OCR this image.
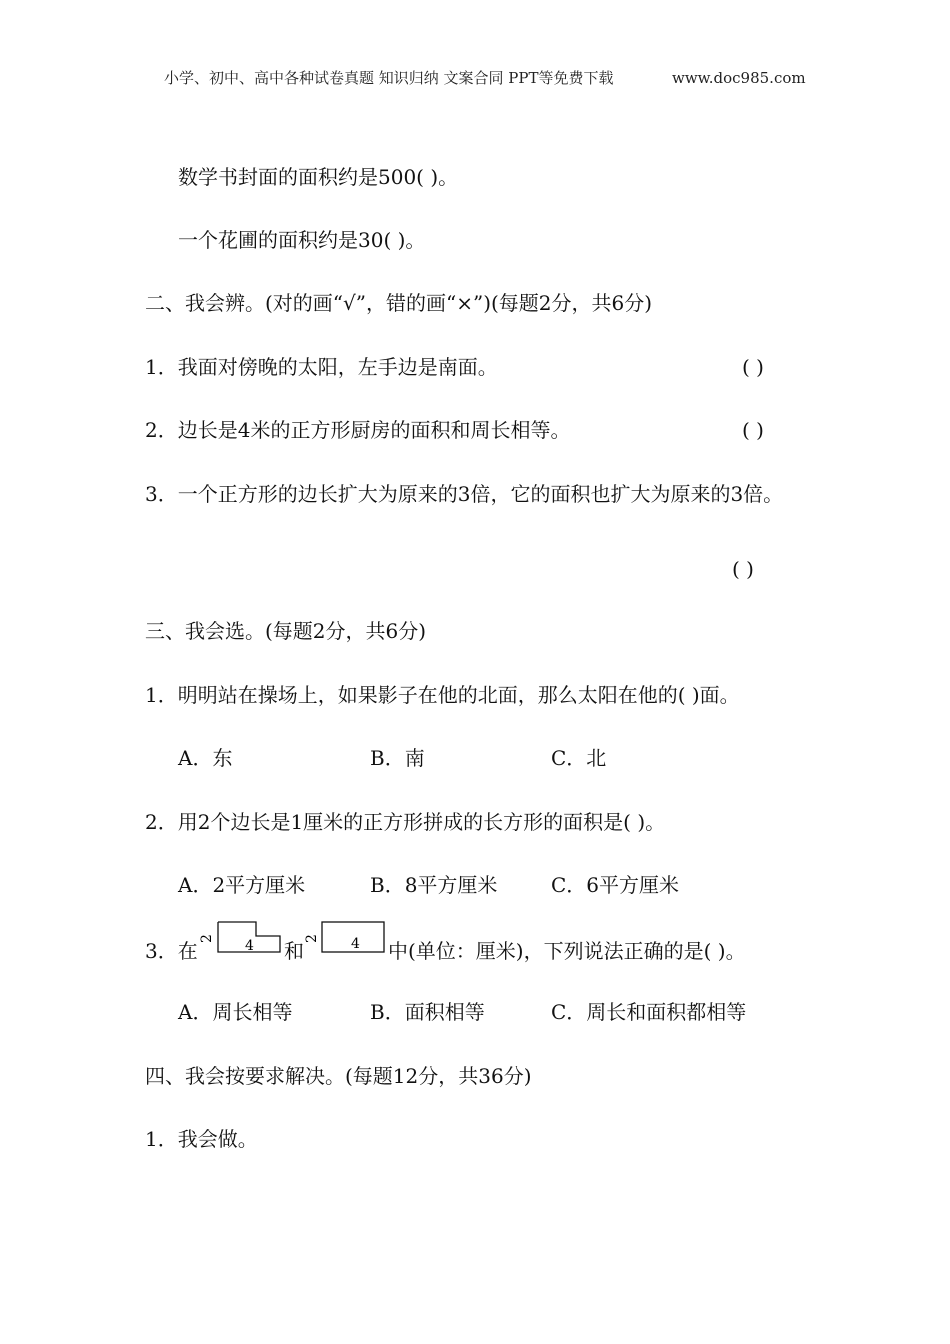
小学、初中、高中各种试卷真题 知识归纳 文案合同 PPT等免费下载	www.doc985.com
数学书封面的面积约是500( )。
一个花圃的面积约是30( )。
二、我会辨。(对的画“√”，错的画“×”)(每题2分，共6分)
1．我面对傍晚的太阳，左手边是南面。	( )
2．边长是4米的正方形厨房的面积和周长相等。	( )
3．一个正方形的边长扩大为原来的3倍，它的面积也扩大为原来的3倍。
( )
三、我会选。(每题2分，共6分)
1．明明站在操场上，如果影子在他的北面，那么太阳在他的( )面。
A．东	B．南	C．北
2．用2个边长是1厘米的正方形拼成的长方形的面积是( )。
A．2平方厘米	B．8平方厘米	C．6平方厘米
3．在
2 4 和
2 4 中(单位：厘米)，下列说法正确的是( )。
A．周长相等	B．面积相等	C．周长和面积都相等
四、我会按要求解决。(每题12分，共36分)
1．我会做。
